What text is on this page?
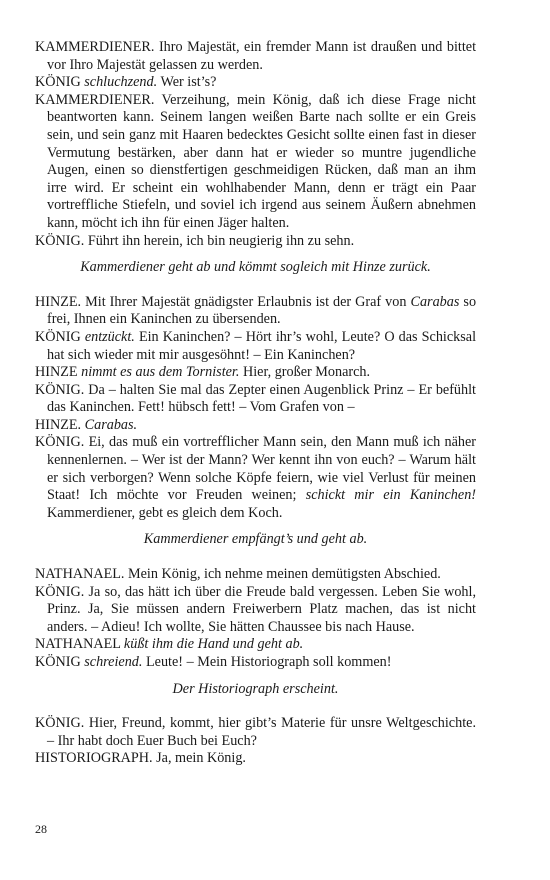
KAMMERDIENER. Ihro Majestät, ein fremder Mann ist draußen und bittet vor Ihro Majestät gelassen zu werden.

KÖNIG schluchzend. Wer ist’s?

KAMMERDIENER. Verzeihung, mein König, daß ich diese Frage nicht beantworten kann. Seinem langen weißen Barte nach sollte er ein Greis sein, und sein ganz mit Haaren bedecktes Gesicht sollte einen fast in dieser Vermutung bestärken, aber dann hat er wieder so muntre jugendliche Augen, einen so dienstfertigen geschmeidigen Rücken, daß man an ihm irre wird. Er scheint ein wohlhabender Mann, denn er trägt ein Paar vortreffliche Stiefeln, und soviel ich irgend aus seinem Äußern abnehmen kann, möcht ich ihn für einen Jäger halten.

KÖNIG. Führt ihn herein, ich bin neugierig ihn zu sehn.

Kammerdiener geht ab und kömmt sogleich mit Hinze zurück.

HINZE. Mit Ihrer Majestät gnädigster Erlaubnis ist der Graf von Carabas so frei, Ihnen ein Kaninchen zu übersenden.

KÖNIG entzückt. Ein Kaninchen? – Hört ihr’s wohl, Leute? O das Schicksal hat sich wieder mit mir ausgesöhnt! – Ein Kaninchen?

HINZE nimmt es aus dem Tornister. Hier, großer Monarch.

KÖNIG. Da – halten Sie mal das Zepter einen Augenblick Prinz – Er befühlt das Kaninchen. Fett! hübsch fett! – Vom Grafen von –

HINZE. Carabas.

KÖNIG. Ei, das muß ein vortrefflicher Mann sein, den Mann muß ich näher kennenlernen. – Wer ist der Mann? Wer kennt ihn von euch? – Warum hält er sich verborgen? Wenn solche Köpfe feiern, wie viel Verlust für meinen Staat! Ich möchte vor Freuden weinen; schickt mir ein Kaninchen! Kammerdiener, gebt es gleich dem Koch.

Kammerdiener empfängt’s und geht ab.

NATHANAEL. Mein König, ich nehme meinen demütigsten Abschied.

KÖNIG. Ja so, das hätt ich über die Freude bald vergessen. Leben Sie wohl, Prinz. Ja, Sie müssen andern Freiwerbern Platz machen, das ist nicht anders. – Adieu! Ich wollte, Sie hätten Chaussee bis nach Hause.

NATHANAEL küßt ihm die Hand und geht ab.

KÖNIG schreiend. Leute! – Mein Historiograph soll kommen!

Der Historiograph erscheint.

KÖNIG. Hier, Freund, kommt, hier gibt’s Materie für unsre Weltgeschichte. – Ihr habt doch Euer Buch bei Euch?

HISTORIOGRAPH. Ja, mein König.

28
